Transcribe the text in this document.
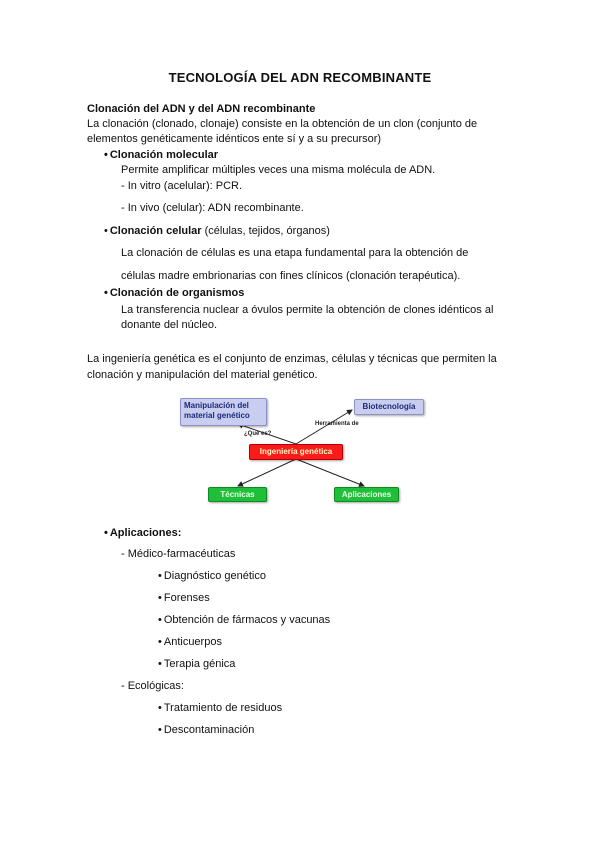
TECNOLOGÍA DEL ADN RECOMBINANTE
Clonación del ADN y del ADN recombinante
La clonación (clonado, clonaje) consiste en la obtención de un clon (conjunto de
elementos genéticamente idénticos ente sí y a su precursor)
• Clonación molecular
Permite amplificar múltiples veces una misma molécula de ADN.
- In vitro (acelular): PCR.
- In vivo (celular): ADN recombinante.
• Clonación celular (células, tejidos, órganos)
La clonación de células es una etapa fundamental para la obtención de
células madre embrionarias con fines clínicos (clonación terapéutica).
• Clonación de organismos
La transferencia nuclear a óvulos permite la obtención de clones idénticos al
donante del núcleo.
La ingeniería genética es el conjunto de enzimas, células y técnicas que permiten la
clonación y manipulación del material genético.
Manipulación del
material genético
Biotecnología
Ingeniería genética
Técnicas	Aplicaciones
¿Qué es?
Herramienta de
• Aplicaciones:
- Médico-farmacéuticas
• Diagnóstico genético
• Forenses
• Obtención de fármacos y vacunas
• Anticuerpos
• Terapia génica
- Ecológicas:
• Tratamiento de residuos
• Descontaminación
